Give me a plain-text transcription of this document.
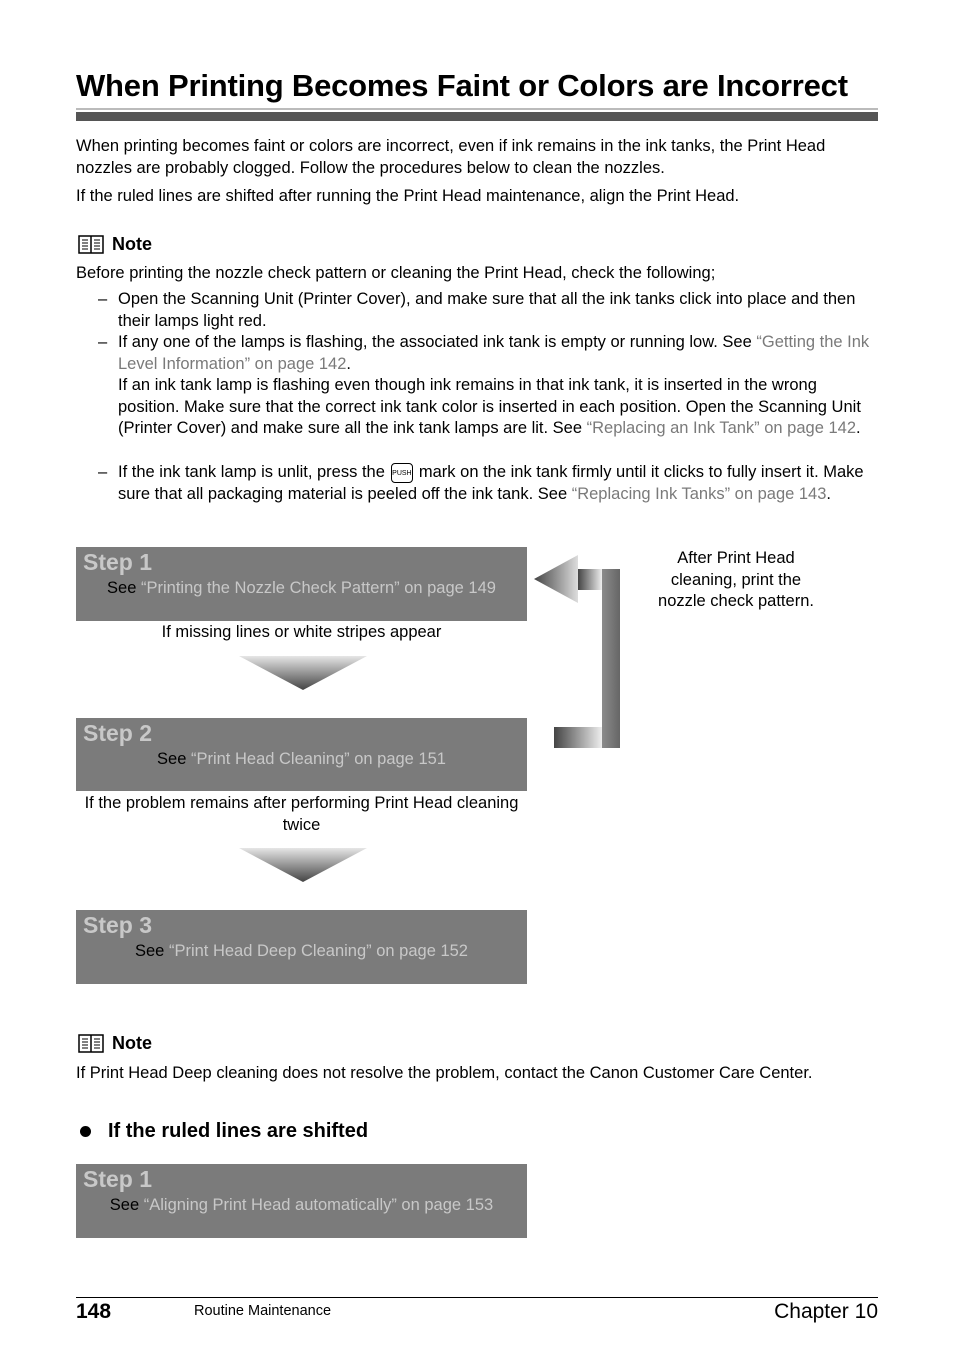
When Printing Becomes Faint or Colors are Incorrect

When printing becomes faint or colors are incorrect, even if ink remains in the ink tanks, the Print Head nozzles are probably clogged. Follow the procedures below to clean the nozzles.

If the ruled lines are shifted after running the Print Head maintenance, align the Print Head.

Note

Before printing the nozzle check pattern or cleaning the Print Head, check the following;

– Open the Scanning Unit (Printer Cover), and make sure that all the ink tanks click into place and then their lamps light red.
– If any one of the lamps is flashing, the associated ink tank is empty or running low. See “Getting the Ink Level Information” on page 142.
If an ink tank lamp is flashing even though ink remains in that ink tank, it is inserted in the wrong position. Make sure that the correct ink tank color is inserted in each position. Open the Scanning Unit (Printer Cover) and make sure all the ink tank lamps are lit. See “Replacing an Ink Tank” on page 142.
– If the ink tank lamp is unlit, press the PUSH mark on the ink tank firmly until it clicks to fully insert it. Make sure that all packaging material is peeled off the ink tank. See “Replacing Ink Tanks” on page 143.
Step 1
See “Printing the Nozzle Check Pattern” on page 149
If missing lines or white stripes appear
Step 2
See “Print Head Cleaning” on page 151
If the problem remains after performing Print Head cleaning twice
Step 3
See “Print Head Deep Cleaning” on page 152
After Print Head cleaning, print the nozzle check pattern.
Note

If Print Head Deep cleaning does not resolve the problem, contact the Canon Customer Care Center.

If the ruled lines are shifted
Step 1
See “Aligning Print Head automatically” on page 153
148	Routine Maintenance	Chapter 10
